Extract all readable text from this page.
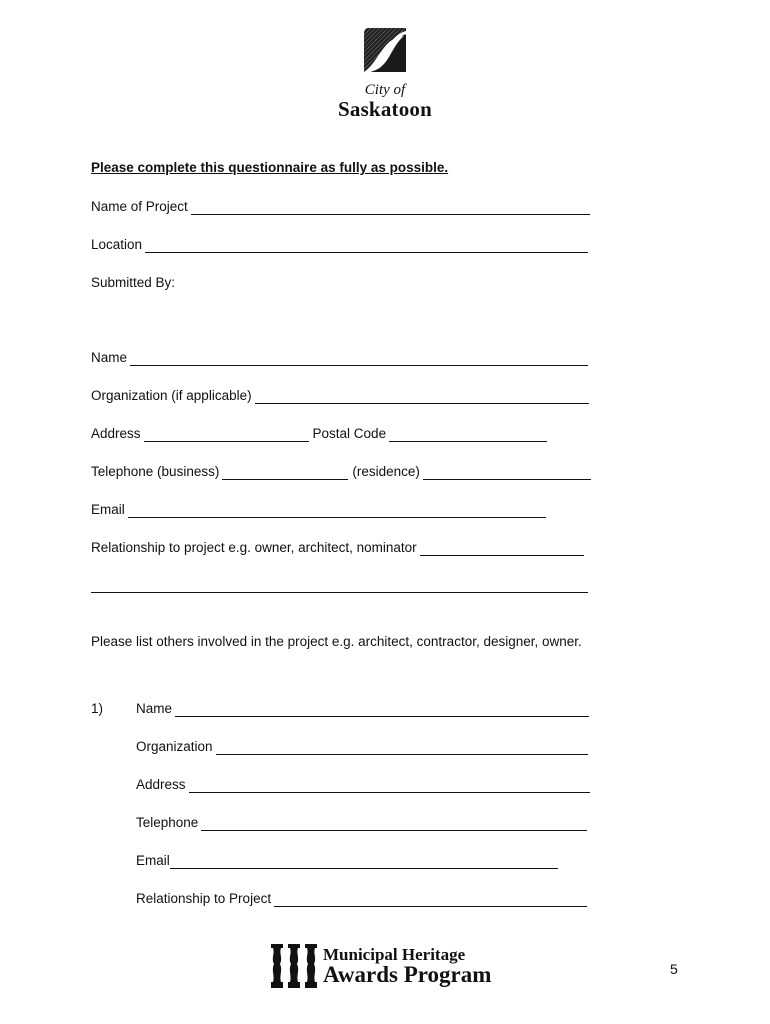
City of
Saskatoon
Please complete this questionnaire as fully as possible.
Name of Project
Location
Submitted By:
Name
Organization (if applicable)
Address	Postal Code
Telephone (business)	(residence)
Email
Relationship to project e.g. owner, architect, nominator
Please list others involved in the project e.g. architect, contractor, designer, owner.
1) Name
Organization
Address
Telephone
Email
Relationship to Project
Municipal Heritage
Awards Program	5
